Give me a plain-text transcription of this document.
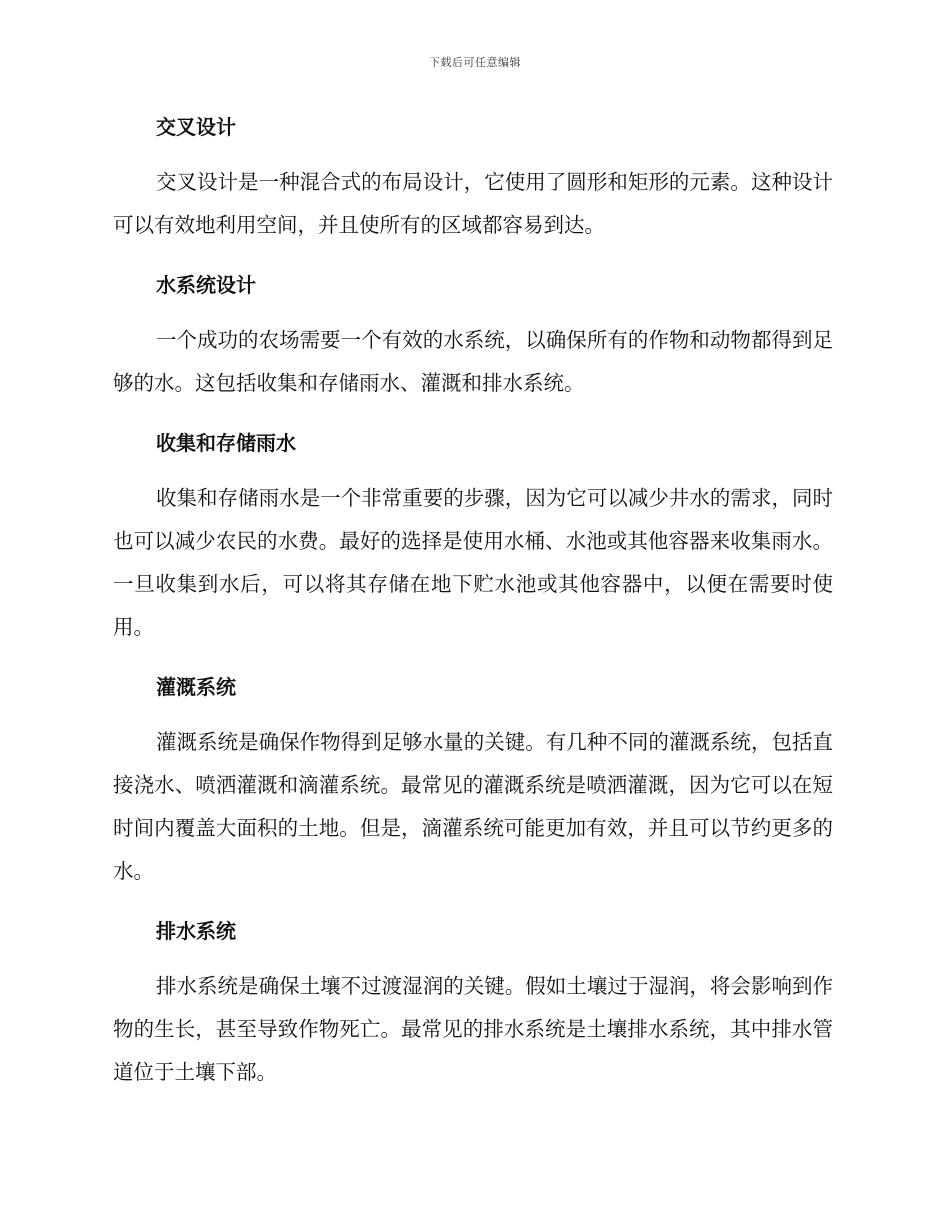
下载后可任意编辑
交叉设计

交叉设计是一种混合式的布局设计，它使用了圆形和矩形的元素。这种设计可以有效地利用空间，并且使所有的区域都容易到达。

水系统设计

一个成功的农场需要一个有效的水系统，以确保所有的作物和动物都得到足够的水。这包括收集和存储雨水、灌溉和排水系统。

收集和存储雨水

收集和存储雨水是一个非常重要的步骤，因为它可以减少井水的需求，同时也可以减少农民的水费。最好的选择是使用水桶、水池或其他容器来收集雨水。一旦收集到水后，可以将其存储在地下贮水池或其他容器中，以便在需要时使用。

灌溉系统

灌溉系统是确保作物得到足够水量的关键。有几种不同的灌溉系统，包括直接浇水、喷洒灌溉和滴灌系统。最常见的灌溉系统是喷洒灌溉，因为它可以在短时间内覆盖大面积的土地。但是，滴灌系统可能更加有效，并且可以节约更多的水。

排水系统

排水系统是确保土壤不过渡湿润的关键。假如土壤过于湿润，将会影响到作物的生长，甚至导致作物死亡。最常见的排水系统是土壤排水系统，其中排水管道位于土壤下部。
